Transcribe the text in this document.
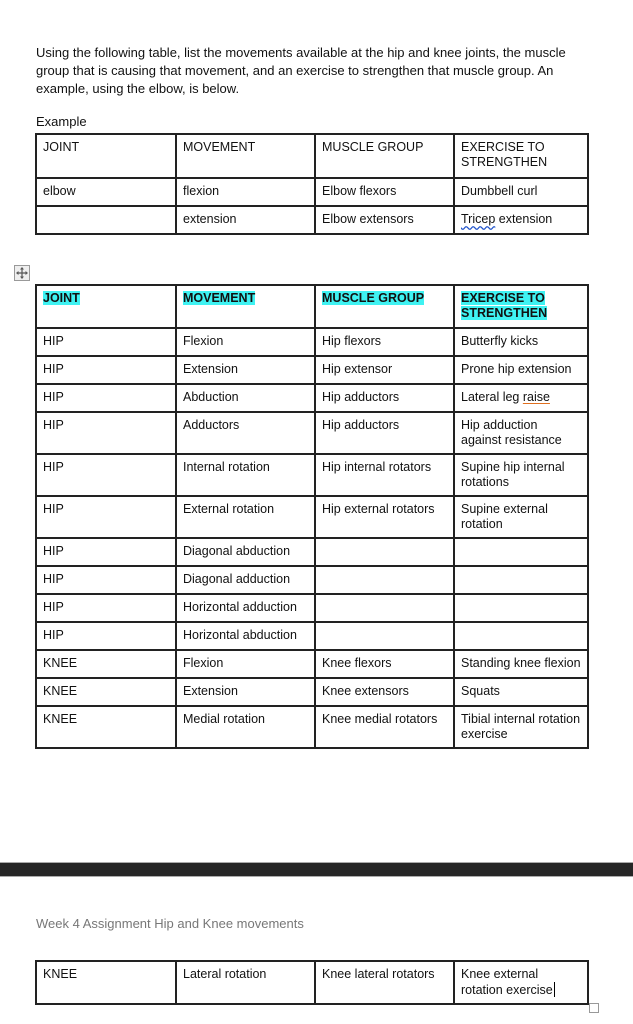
Using the following table, list the movements available at the hip and knee joints, the muscle group that is causing that movement, and an exercise to strengthen that muscle group. An example, using the elbow, is below.
Example
JOINT	MOVEMENT	MUSCLE GROUP	EXERCISE TO STRENGTHEN
elbow	flexion	Elbow flexors	Dumbbell curl
	extension	Elbow extensors	Tricep extension
JOINT	MOVEMENT	MUSCLE GROUP	EXERCISE TO STRENGTHEN
HIP	Flexion	Hip flexors	Butterfly kicks
HIP	Extension	Hip extensor	Prone hip extension
HIP	Abduction	Hip adductors	Lateral leg raise
HIP	Adductors	Hip adductors	Hip adduction against resistance
HIP	Internal rotation	Hip internal rotators	Supine hip internal rotations
HIP	External rotation	Hip external rotators	Supine external rotation
HIP	Diagonal abduction		
HIP	Diagonal adduction		
HIP	Horizontal adduction		
HIP	Horizontal abduction		
KNEE	Flexion	Knee flexors	Standing knee flexion
KNEE	Extension	Knee extensors	Squats
KNEE	Medial rotation	Knee medial rotators	Tibial internal rotation exercise
Week 4 Assignment Hip and Knee movements
KNEE	Lateral rotation	Knee lateral rotators	Knee external rotation exercise
